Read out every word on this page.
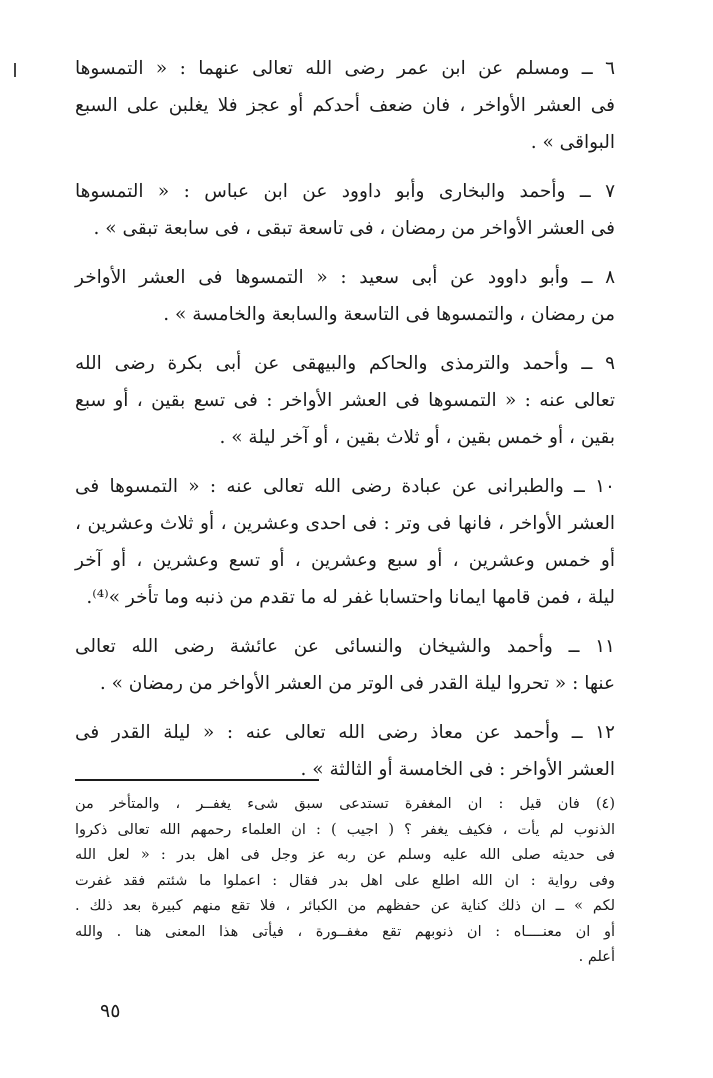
٦ ــ ومسلم عن ابن عمر رضى الله تعالى عنهما : « التمسوها
فى العشر الأواخر ، فان ضعف أحدكم أو عجز فلا يغلبن على السبع
البواقى » .
٧ ــ وأحمد والبخارى وأبو داوود عن ابن عباس : « التمسوها
فى العشر الأواخر من رمضان ، فى تاسعة تبقى ، فى سابعة تبقى » .
٨ ــ وأبو داوود عن أبى سعيد : « التمسوها فى العشر الأواخر
من رمضان ، والتمسوها فى التاسعة والسابعة والخامسة » .
٩ ــ وأحمد والترمذى والحاكم والبيهقى عن أبى بكرة رضى الله
تعالى عنه : « التمسوها فى العشر الأواخر : فى تسع بقين ، أو سبع
بقين ، أو خمس بقين ، أو ثلاث بقين ، أو آخر ليلة » .
١٠ ــ والطبرانى عن عبادة رضى الله تعالى عنه : « التمسوها فى
العشر الأواخر ، فانها فى وتر : فى احدى وعشرين ، أو ثلاث وعشرين ،
أو خمس وعشرين ، أو سبع وعشرين ، أو تسع وعشرين ، أو آخر
ليلة ، فمن قامها ايمانا واحتسابا غفر له ما تقدم من ذنبه وما تأخر »⁽⁴⁾.
١١ ــ وأحمد والشيخان والنسائى عن عائشة رضى الله تعالى
عنها : « تحروا ليلة القدر فى الوتر من العشر الأواخر من رمضان » .
١٢ ــ وأحمد عن معاذ رضى الله تعالى عنه : « ليلة القدر فى
العشر الأواخر : فى الخامسة أو الثالثة » .
(٤) فان قيل : ان المغفرة تستدعى سبق شىء يغفــر ، والمتأخر من
الذنوب لم يأت ، فكيف يغفر ؟ ( اجيب ) : ان العلماء رحمهم الله تعالى ذكروا
فى حديثه صلى الله عليه وسلم عن ربه عز وجل فى اهل بدر : « لعل الله
وفى رواية : ان الله اطلع على اهل بدر فقال : اعملوا ما شئتم فقد غفرت
لكم » ــ ان ذلك كناية عن حفظهم من الكبائر ، فلا تقع منهم كبيرة بعد ذلك .
أو ان معنــــاه : ان ذنوبهم تقع مغفــورة ، فيأتى هذا المعنى هنا . والله
أعلم .
٩٥
